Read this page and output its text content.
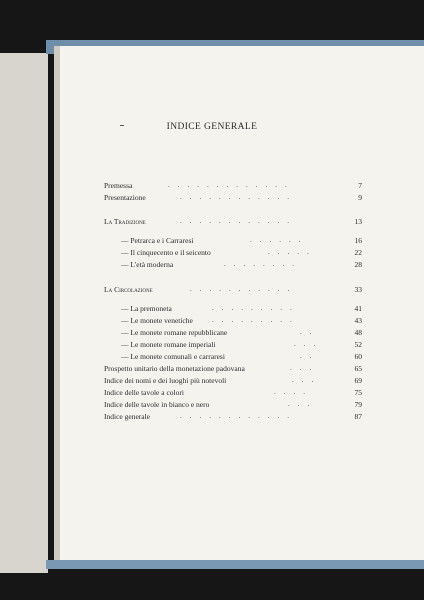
INDICE GENERALE
Premessa	.............	7
Presentazione	............	9
La Tradizione	............	13
— Petrarca e i Carraresi	......	16
— Il cinquecento e il seicento	.....	22
— L'età moderna	........	28
La Circolazione	...........	33
— La premoneta	.........	41
— Le monete venetiche	.........	43
— Le monete romane repubblicane	..	48
— Le monete romane imperiali	...	52
— Le monete comunali e carraresi	..	60
Prospetto unitario della monetazione padovana	...	65
Indice dei nomi e dei luoghi più notevoli	...	69
Indice delle tavole a colori	....	75
Indice delle tavole in bianco e nero	...	79
Indice generale	............	87
